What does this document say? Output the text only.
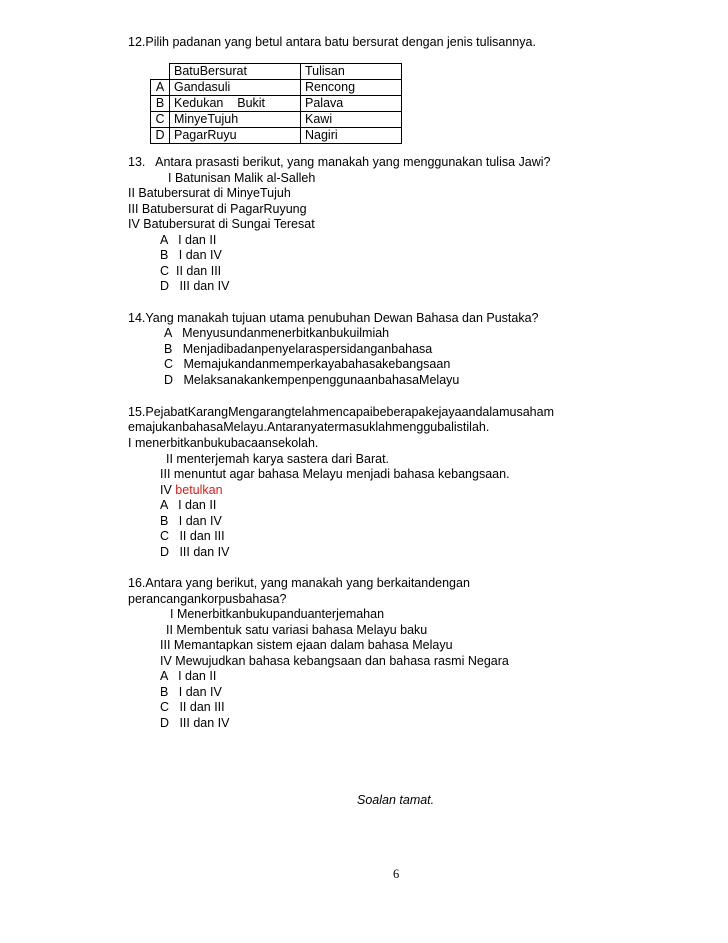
12.Pilih padanan yang betul antara batu bersurat dengan jenis tulisannya.
	BatuBersurat	Tulisan
A	Gandasuli	Rencong
B	Kedukan    Bukit	Palava
C	MinyeTujuh	Kawi
D	PagarRuyu	Nagiri
13.   Antara prasasti berikut, yang manakah yang menggunakan tulisa Jawi?
I Batunisan Malik al-Salleh
II Batubersurat di MinyeTujuh
III Batubersurat di PagarRuyung
IV Batubersurat di Sungai Teresat
A   I dan II
B   I dan IV
C  II dan III
D   III dan IV
14.Yang manakah tujuan utama penubuhan Dewan Bahasa dan Pustaka?
A   Menyusundanmenerbitkanbukuilmiah
B   Menjadibadanpenyelaraspersidanganbahasa
C   Memajukandanmemperkayabahasakebangsaan
D   MelaksanakankempenpenggunaanbahasaMelayu
15.PejabatKarangMengarangtelahmencapaibeberapakejayaandalamusaham
emajukanbahasaMelayu.Antaranyatermasuklahmenggubalistilah.
I menerbitkanbukubacaansekolah.
II menterjemah karya sastera dari Barat.
III menuntut agar bahasa Melayu menjadi bahasa kebangsaan.
IV betulkan
A   I dan II
B   I dan IV
C   II dan III
D   III dan IV
16.Antara yang berikut, yang manakah yang berkaitandengan
perancangankorpusbahasa?
I Menerbitkanbukupanduanterjemahan
II Membentuk satu variasi bahasa Melayu baku
III Memantapkan sistem ejaan dalam bahasa Melayu
IV Mewujudkan bahasa kebangsaan dan bahasa rasmi Negara
A   I dan II
B   I dan IV
C   II dan III
D   III dan IV
Soalan tamat.
6
